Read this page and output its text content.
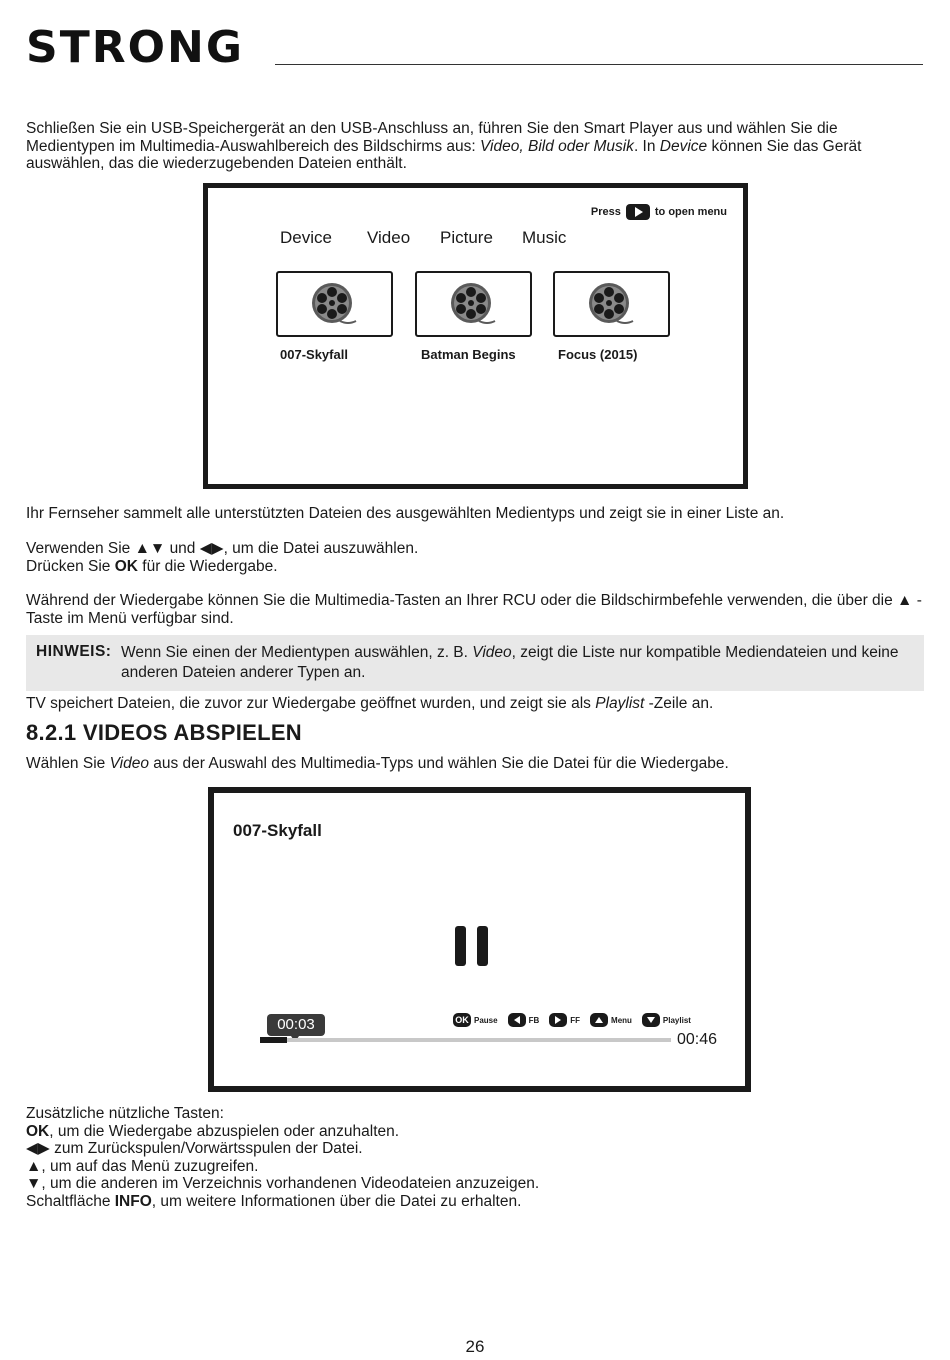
STRONG

Schließen Sie ein USB-Speichergerät an den USB-Anschluss an, führen Sie den Smart Player aus und wählen Sie die Medientypen im Multimedia-Auswahlbereich des Bildschirms aus: Video, Bild oder Musik. In Device können Sie das Gerät auswählen, das die wiederzugebenden Dateien enthält.

Press	to open menu
Device Video Picture Music
007-Skyfall	Batman Begins	Focus (2015)

Ihr Fernseher sammelt alle unterstützten Dateien des ausgewählten Medientyps und zeigt sie in einer Liste an.

Verwenden Sie ▲▼ und ◀▶, um die Datei auszuwählen.
Drücken Sie OK für die Wiedergabe.

Während der Wiedergabe können Sie die Multimedia-Tasten an Ihrer RCU oder die Bildschirmbefehle verwenden, die über die ▲ -Taste im Menü verfügbar sind.

HINWEIS: Wenn Sie einen der Medientypen auswählen, z. B. Video, zeigt die Liste nur kompatible Mediendateien und keine anderen Dateien anderer Typen an.

TV speichert Dateien, die zuvor zur Wiedergabe geöffnet wurden, und zeigt sie als Playlist -Zeile an.

8.2.1 VIDEOS ABSPIELEN

Wählen Sie Video aus der Auswahl des Multimedia-Typs und wählen Sie die Datei für die Wiedergabe.

007-Skyfall
OK Pause	FB	FF	Menu	Playlist
00:03
00:46

Zusätzliche nützliche Tasten:
OK, um die Wiedergabe abzuspielen oder anzuhalten.
◀▶ zum Zurückspulen/Vorwärtsspulen der Datei.
▲, um auf das Menü zuzugreifen.
▼, um die anderen im Verzeichnis vorhandenen Videodateien anzuzeigen.
Schaltfläche INFO, um weitere Informationen über die Datei zu erhalten.

26
